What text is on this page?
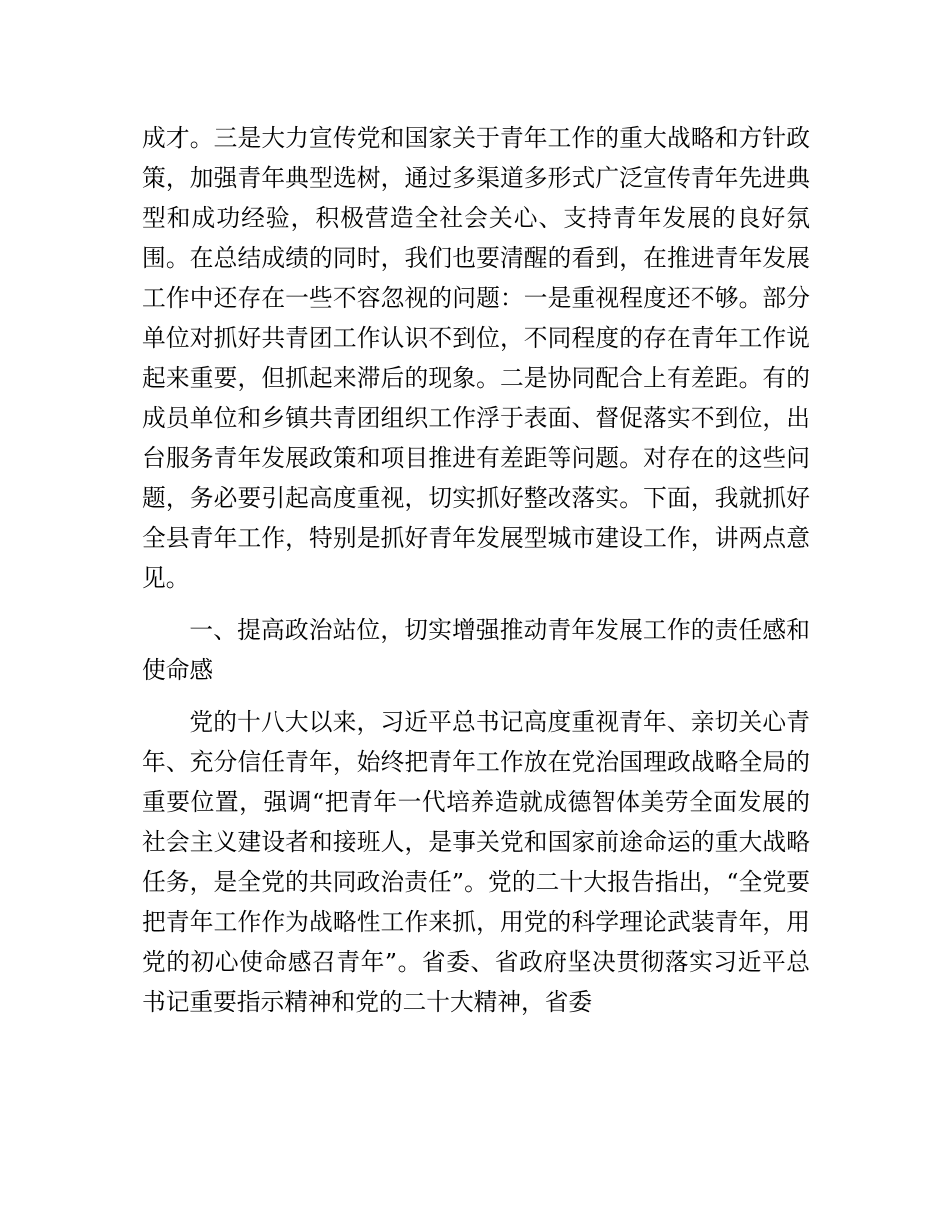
成才。三是大力宣传党和国家关于青年工作的重大战略和方针政策，加强青年典型选树，通过多渠道多形式广泛宣传青年先进典型和成功经验，积极营造全社会关心、支持青年发展的良好氛围。在总结成绩的同时，我们也要清醒的看到，在推进青年发展工作中还存在一些不容忽视的问题：一是重视程度还不够。部分单位对抓好共青团工作认识不到位，不同程度的存在青年工作说起来重要，但抓起来滞后的现象。二是协同配合上有差距。有的成员单位和乡镇共青团组织工作浮于表面、督促落实不到位，出台服务青年发展政策和项目推进有差距等问题。对存在的这些问题，务必要引起高度重视，切实抓好整改落实。下面，我就抓好全县青年工作，特别是抓好青年发展型城市建设工作，讲两点意见。

一、提高政治站位，切实增强推动青年发展工作的责任感和使命感

党的十八大以来，习近平总书记高度重视青年、亲切关心青年、充分信任青年，始终把青年工作放在党治国理政战略全局的重要位置，强调“把青年一代培养造就成德智体美劳全面发展的社会主义建设者和接班人，是事关党和国家前途命运的重大战略任务，是全党的共同政治责任”。党的二十大报告指出，“全党要把青年工作作为战略性工作来抓，用党的科学理论武装青年，用党的初心使命感召青年”。省委、省政府坚决贯彻落实习近平总书记重要指示精神和党的二十大精神，省委
